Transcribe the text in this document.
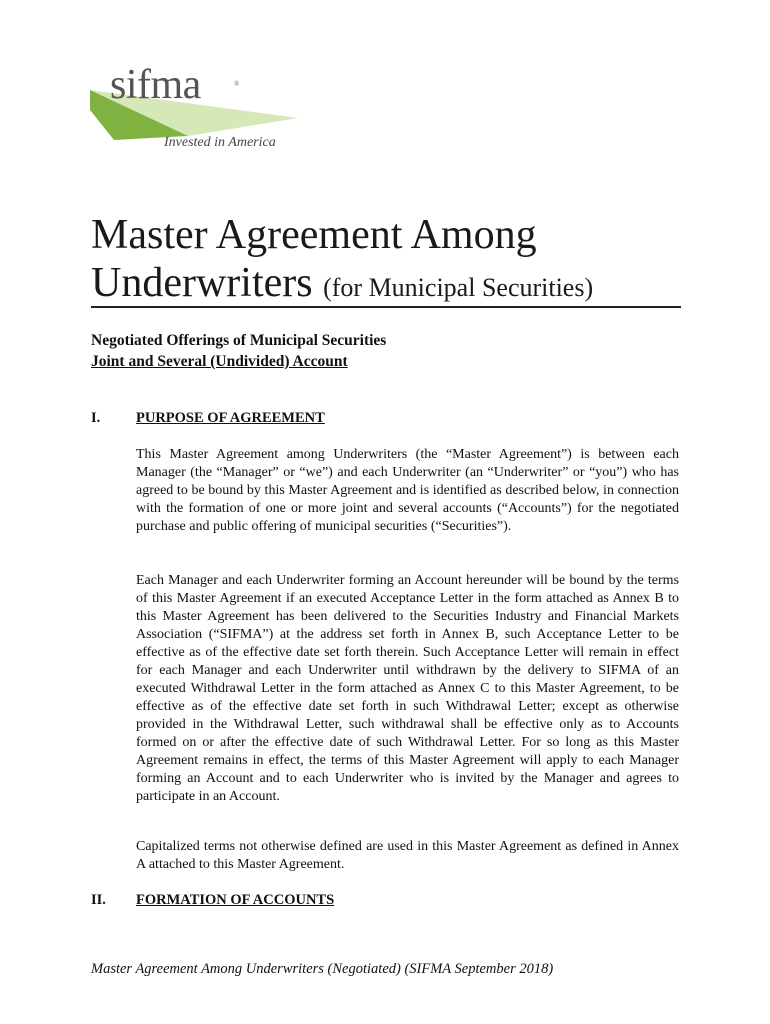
sifma	®
Invested in America
Master Agreement Among
Underwriters (for Municipal Securities)
Negotiated Offerings of Municipal Securities
Joint and Several (Undivided) Account
I. PURPOSE OF AGREEMENT

This Master Agreement among Underwriters (the “Master Agreement”) is between each Manager (the “Manager” or “we”) and each Underwriter (an “Underwriter” or “you”) who has agreed to be bound by this Master Agreement and is identified as described below, in connection with the formation of one or more joint and several accounts (“Accounts”) for the negotiated purchase and public offering of municipal securities (“Securities”).

Each Manager and each Underwriter forming an Account hereunder will be bound by the terms of this Master Agreement if an executed Acceptance Letter in the form attached as Annex B to this Master Agreement has been delivered to the Securities Industry and Financial Markets Association (“SIFMA”) at the address set forth in Annex B, such Acceptance Letter to be effective as of the effective date set forth therein. Such Acceptance Letter will remain in effect for each Manager and each Underwriter until withdrawn by the delivery to SIFMA of an executed Withdrawal Letter in the form attached as Annex C to this Master Agreement, to be effective as of the effective date set forth in such Withdrawal Letter; except as otherwise provided in the Withdrawal Letter, such withdrawal shall be effective only as to Accounts formed on or after the effective date of such Withdrawal Letter. For so long as this Master Agreement remains in effect, the terms of this Master Agreement will apply to each Manager forming an Account and to each Underwriter who is invited by the Manager and agrees to participate in an Account.

Capitalized terms not otherwise defined are used in this Master Agreement as defined in Annex A attached to this Master Agreement.

II. FORMATION OF ACCOUNTS
Master Agreement Among Underwriters (Negotiated) (SIFMA September 2018)
